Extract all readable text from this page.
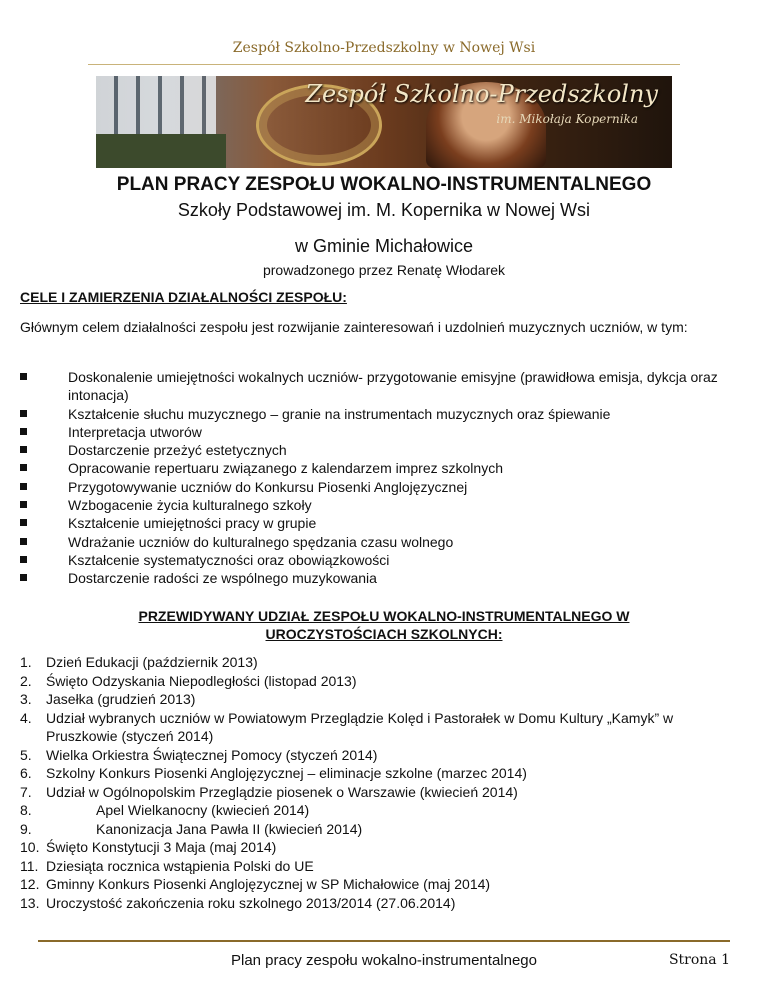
Zespół Szkolno-Przedszkolny w Nowej Wsi
Zespół Szkolno-Przedszkolny
im. Mikołaja Kopernika
PLAN PRACY ZESPOŁU WOKALNO-INSTRUMENTALNEGO
Szkoły Podstawowej im. M. Kopernika w Nowej Wsi
w Gminie Michałowice
prowadzonego przez Renatę Włodarek
CELE I ZAMIERZENIA DZIAŁALNOŚCI ZESPOŁU:
Głównym celem działalności zespołu jest rozwijanie zainteresowań i uzdolnień muzycznych uczniów, w tym:
Doskonalenie umiejętności wokalnych uczniów- przygotowanie emisyjne (prawidłowa emisja, dykcja oraz intonacja)
Kształcenie słuchu muzycznego – granie na instrumentach muzycznych oraz śpiewanie
Interpretacja utworów
Dostarczenie przeżyć estetycznych
Opracowanie repertuaru związanego z kalendarzem imprez szkolnych
Przygotowywanie uczniów do Konkursu Piosenki Anglojęzycznej
Wzbogacenie życia kulturalnego szkoły
Kształcenie umiejętności pracy w grupie
Wdrażanie uczniów do kulturalnego spędzania czasu wolnego
Kształcenie systematyczności oraz obowiązkowości
Dostarczenie radości ze wspólnego muzykowania
PRZEWIDYWANY UDZIAŁ ZESPOŁU WOKALNO-INSTRUMENTALNEGO W
UROCZYSTOŚCIACH SZKOLNYCH:
1. Dzień Edukacji (październik 2013)
2. Święto Odzyskania Niepodległości (listopad 2013)
3. Jasełka (grudzień 2013)
4. Udział wybranych uczniów w Powiatowym Przeglądzie Kolęd i Pastorałek w Domu Kultury „Kamyk” w Pruszkowie (styczeń 2014)
5. Wielka Orkiestra Świątecznej Pomocy (styczeń 2014)
6. Szkolny Konkurs Piosenki Anglojęzycznej – eliminacje szkolne (marzec 2014)
7. Udział w Ogólnopolskim Przeglądzie piosenek o Warszawie (kwiecień 2014)
8.	Apel Wielkanocny (kwiecień 2014)
9.	Kanonizacja Jana Pawła II (kwiecień 2014)
10. Święto Konstytucji 3 Maja (maj 2014)
11. Dziesiąta rocznica wstąpienia Polski do UE
12. Gminny Konkurs Piosenki Anglojęzycznej w SP Michałowice (maj 2014)
13. Uroczystość zakończenia roku szkolnego 2013/2014 (27.06.2014)
Plan pracy zespołu wokalno-instrumentalnego	Strona 1
